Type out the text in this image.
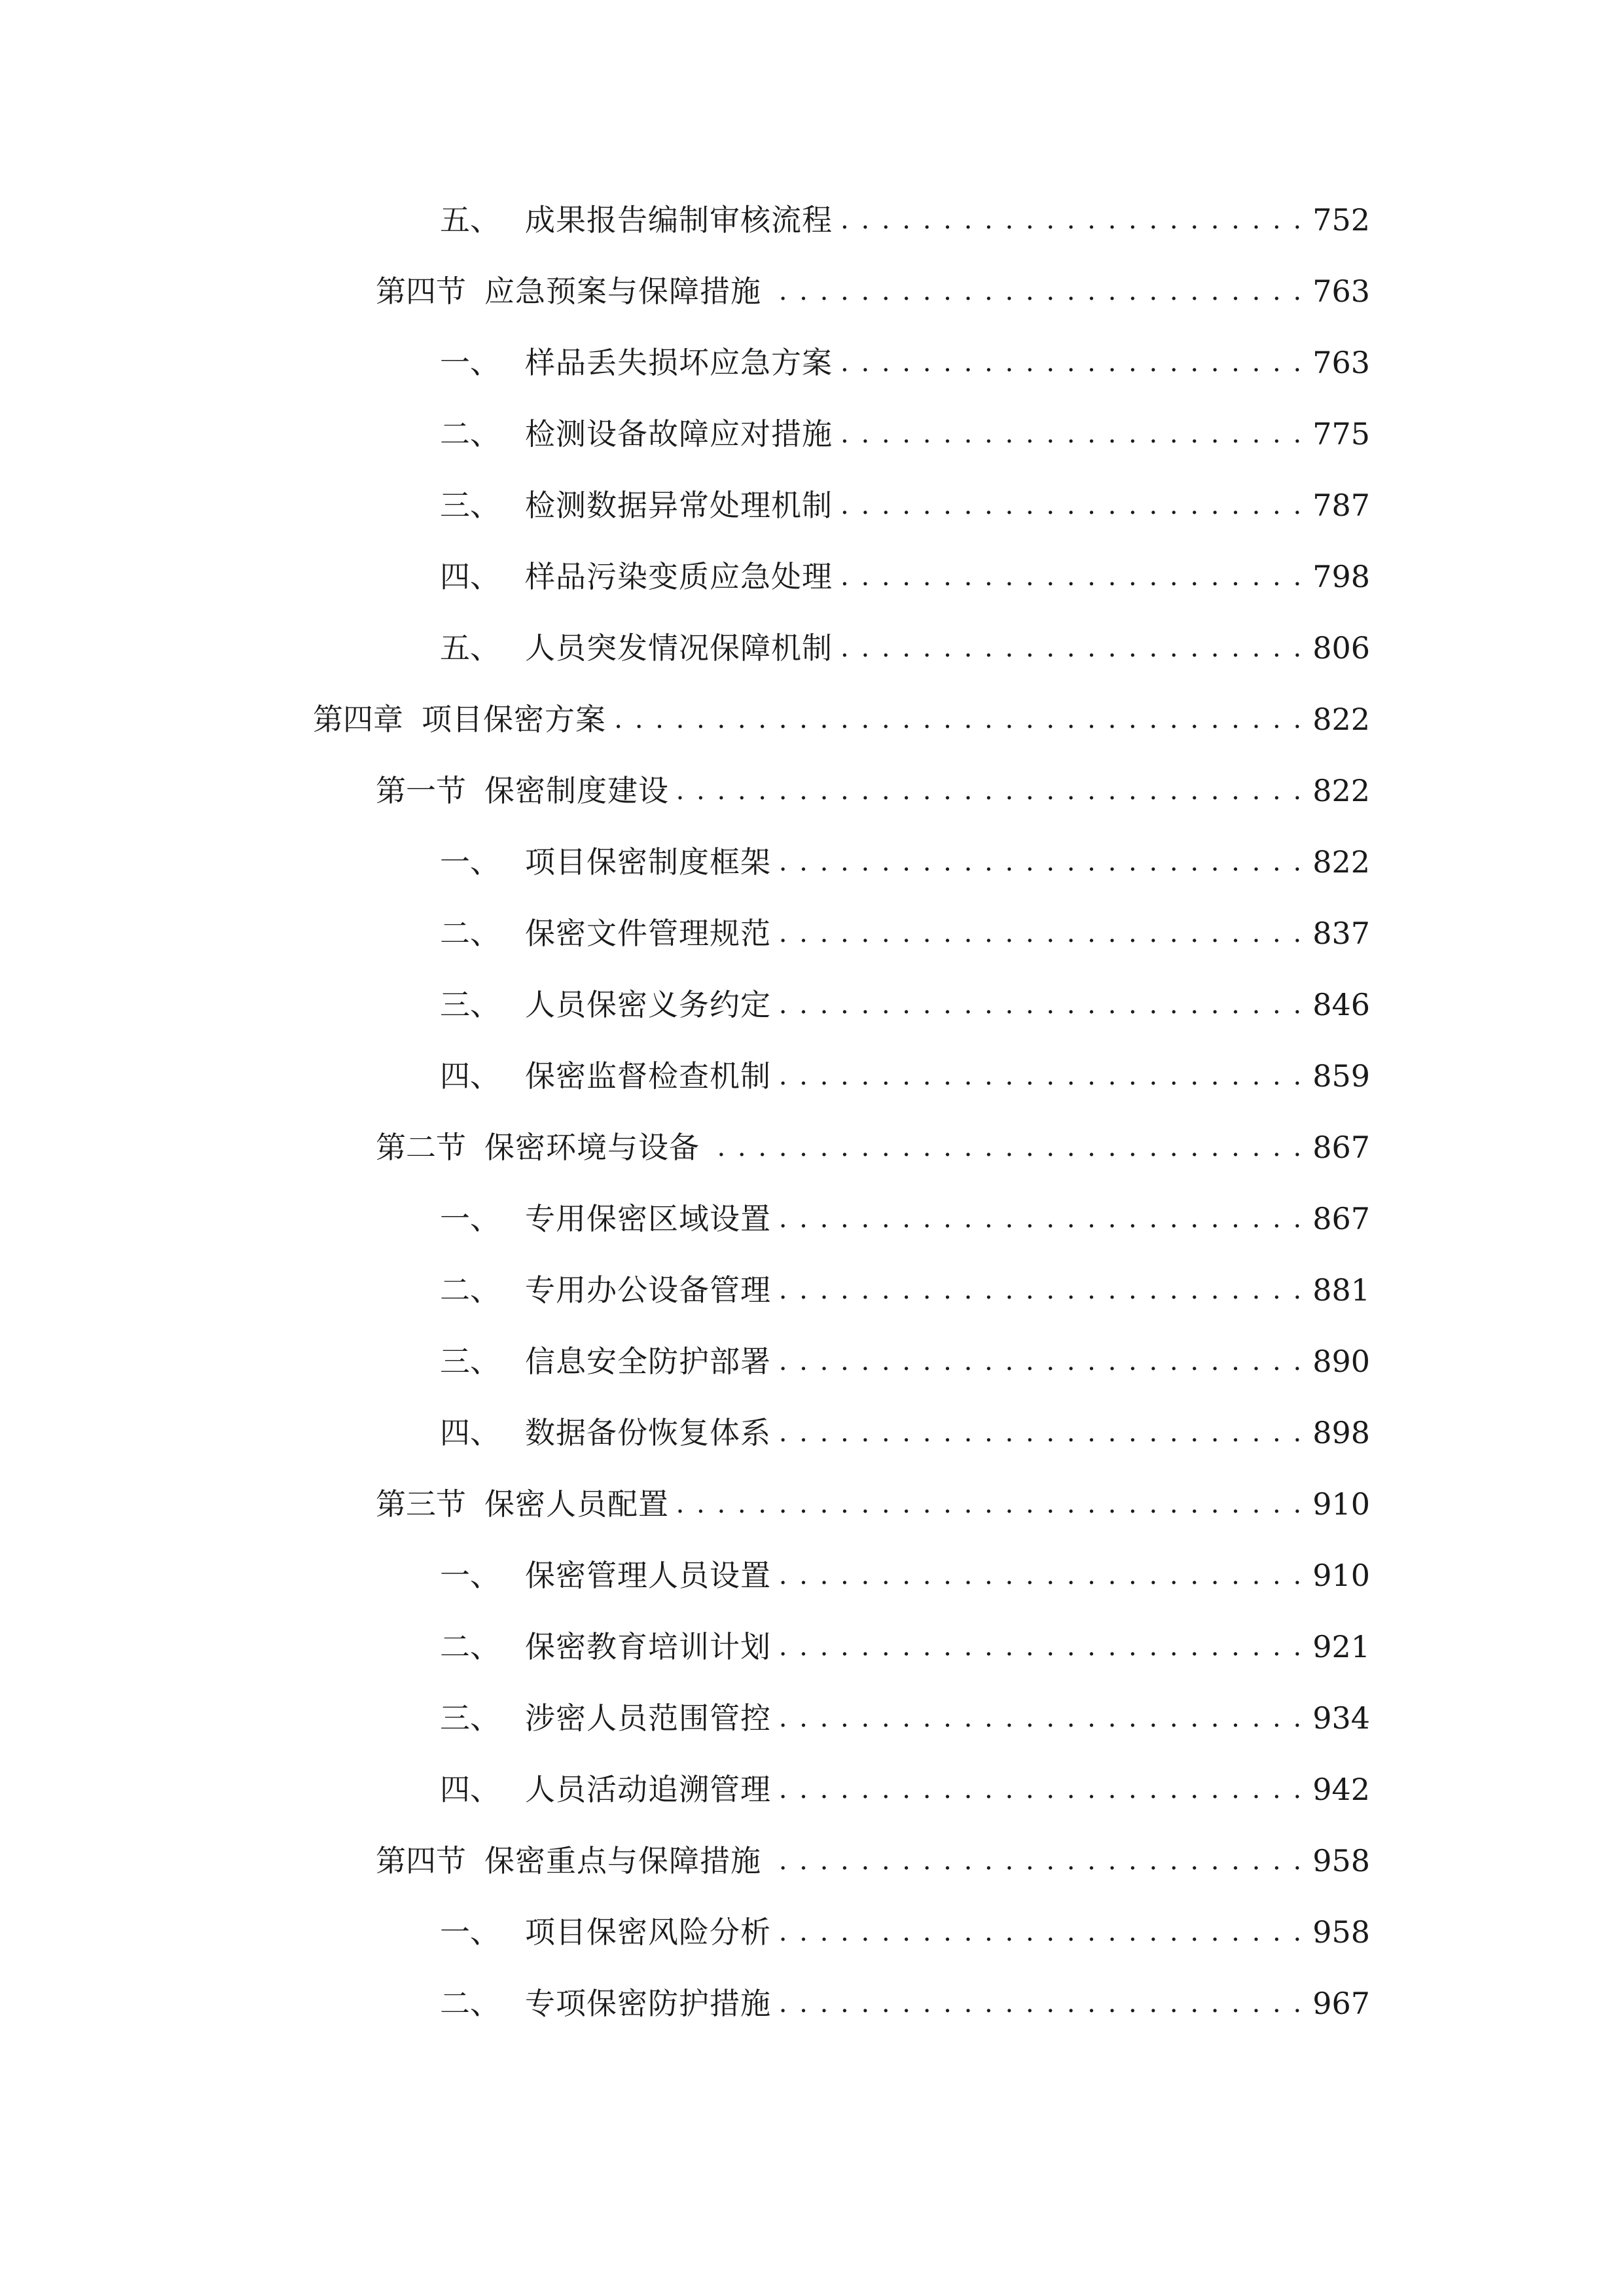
五、 成果报告编制审核流程 . . .	752
第四节 应急预案与保障措施 . . .	763
一、 样品丢失损坏应急方案 . . .	763
二、 检测设备故障应对措施 . . .	775
三、 检测数据异常处理机制 . . .	787
四、 样品污染变质应急处理 . . .	798
五、 人员突发情况保障机制 . . .	806
第四章 项目保密方案 . . .	822
第一节 保密制度建设 . . .	822
一、 项目保密制度框架 . . .	822
二、 保密文件管理规范 . . .	837
三、 人员保密义务约定 . . .	846
四、 保密监督检查机制 . . .	859
第二节 保密环境与设备 . . .	867
一、 专用保密区域设置 . . .	867
二、 专用办公设备管理 . . .	881
三、 信息安全防护部署 . . .	890
四、 数据备份恢复体系 . . .	898
第三节 保密人员配置 . . .	910
一、 保密管理人员设置 . . .	910
二、 保密教育培训计划 . . .	921
三、 涉密人员范围管控 . . .	934
四、 人员活动追溯管理 . . .	942
第四节 保密重点与保障措施 . . .	958
一、 项目保密风险分析 . . .	958
二、 专项保密防护措施 . . .	967
